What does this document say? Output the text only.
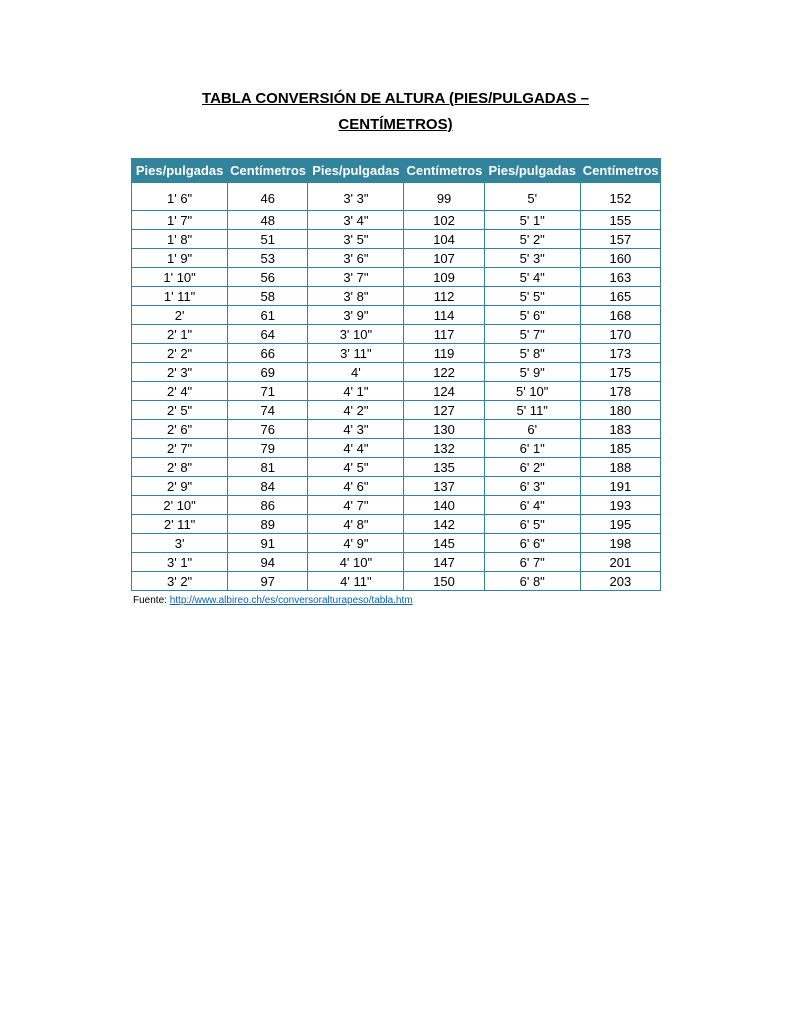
TABLA CONVERSIÓN DE ALTURA (PIES/PULGADAS –
CENTÍMETROS)
Pies/pulgadas	Centímetros	Pies/pulgadas	Centímetros	Pies/pulgadas	Centímetros
1' 6"	46	3' 3"	99	5'	152
1' 7"	48	3' 4"	102	5' 1"	155
1' 8"	51	3' 5"	104	5' 2"	157
1' 9"	53	3' 6"	107	5' 3"	160
1' 10"	56	3' 7"	109	5' 4"	163
1' 11"	58	3' 8"	112	5' 5"	165
2'	61	3' 9"	114	5' 6"	168
2' 1"	64	3' 10"	117	5' 7"	170
2' 2"	66	3' 11"	119	5' 8"	173
2' 3"	69	4'	122	5' 9"	175
2' 4"	71	4' 1"	124	5' 10"	178
2' 5"	74	4' 2"	127	5' 11"	180
2' 6"	76	4' 3"	130	6'	183
2' 7"	79	4' 4"	132	6' 1"	185
2' 8"	81	4' 5"	135	6' 2"	188
2' 9"	84	4' 6"	137	6' 3"	191
2' 10"	86	4' 7"	140	6' 4"	193
2' 11"	89	4' 8"	142	6' 5"	195
3'	91	4' 9"	145	6' 6"	198
3' 1"	94	4' 10"	147	6' 7"	201
3' 2"	97	4' 11"	150	6' 8"	203
Fuente: http://www.albireo.ch/es/conversoralturapeso/tabla.htm
